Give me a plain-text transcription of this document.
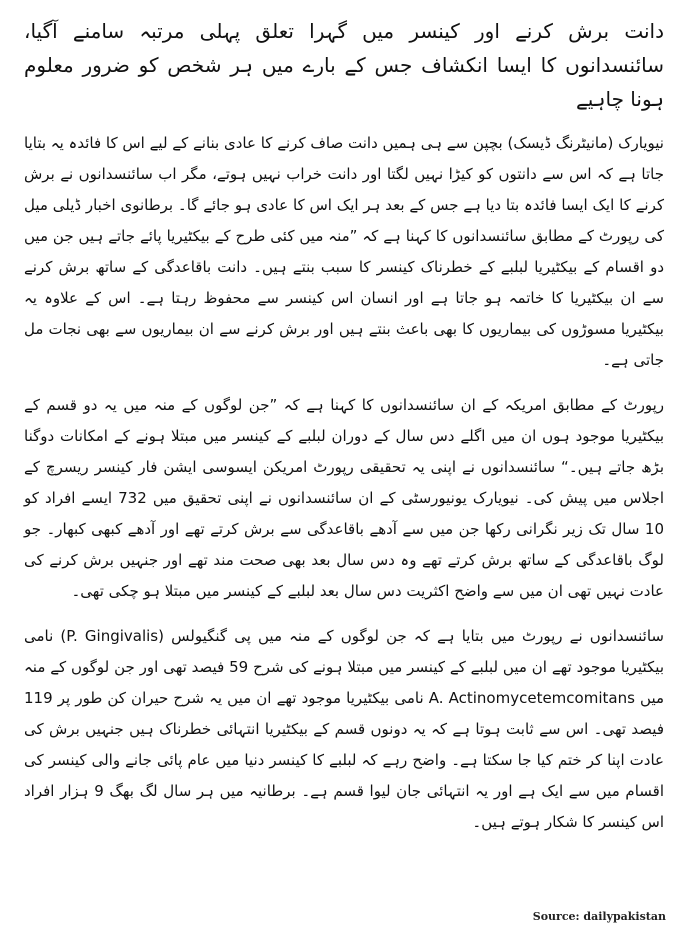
دانت برش کرنے اور کینسر میں گہرا تعلق پہلی مرتبہ سامنے آگیا، سائنسدانوں کا ایسا انکشاف جس کے بارے میں ہر شخص کو ضرور معلوم ہونا چاہیے

نیویارک (مانیٹرنگ ڈیسک) بچپن سے ہی ہمیں دانت صاف کرنے کا عادی بنانے کے لیے اس کا فائدہ یہ بتایا جاتا ہے کہ اس سے دانتوں کو کیڑا نہیں لگتا اور دانت خراب نہیں ہوتے، مگر اب سائنسدانوں نے برش کرنے کا ایک ایسا فائدہ بتا دیا ہے جس کے بعد ہر ایک اس کا عادی ہو جائے گا۔ برطانوی اخبار ڈیلی میل کی رپورٹ کے مطابق سائنسدانوں کا کہنا ہے کہ ”منہ میں کئی طرح کے بیکٹیریا پائے جاتے ہیں جن میں دو اقسام کے بیکٹیریا لبلبے کے خطرناک کینسر کا سبب بنتے ہیں۔ دانت باقاعدگی کے ساتھ برش کرنے سے ان بیکٹیریا کا خاتمہ ہو جاتا ہے اور انسان اس کینسر سے محفوظ رہتا ہے۔ اس کے علاوہ یہ بیکٹیریا مسوڑوں کی بیماریوں کا بھی باعث بنتے ہیں اور برش کرنے سے ان بیماریوں سے بھی نجات مل جاتی ہے۔

رپورٹ کے مطابق امریکہ کے ان سائنسدانوں کا کہنا ہے کہ ”جن لوگوں کے منہ میں یہ دو قسم کے بیکٹیریا موجود ہوں ان میں اگلے دس سال کے دوران لبلبے کے کینسر میں مبتلا ہونے کے امکانات دوگنا بڑھ جاتے ہیں۔“ سائنسدانوں نے اپنی یہ تحقیقی رپورٹ امریکن ایسوسی ایشن فار کینسر ریسرچ کے اجلاس میں پیش کی۔ نیویارک یونیورسٹی کے ان سائنسدانوں نے اپنی تحقیق میں 732 ایسے افراد کو 10 سال تک زیر نگرانی رکھا جن میں سے آدھے باقاعدگی سے برش کرتے تھے اور آدھے کبھی کبھار۔ جو لوگ باقاعدگی کے ساتھ برش کرتے تھے وہ دس سال بعد بھی صحت مند تھے اور جنہیں برش کرنے کی عادت نہیں تھی ان میں سے واضح اکثریت دس سال بعد لبلبے کے کینسر میں مبتلا ہو چکی تھی۔

سائنسدانوں نے رپورٹ میں بتایا ہے کہ جن لوگوں کے منہ میں پی گنگیولس (P. Gingivalis) نامی بیکٹیریا موجود تھے ان میں لبلبے کے کینسر میں مبتلا ہونے کی شرح 59 فیصد تھی اور جن لوگوں کے منہ میں A. Actinomycetemcomitans نامی بیکٹیریا موجود تھے ان میں یہ شرح حیران کن طور پر 119 فیصد تھی۔ اس سے ثابت ہوتا ہے کہ یہ دونوں قسم کے بیکٹیریا انتہائی خطرناک ہیں جنہیں برش کی عادت اپنا کر ختم کیا جا سکتا ہے۔ واضح رہے کہ لبلبے کا کینسر دنیا میں عام پائی جانے والی کینسر کی اقسام میں سے ایک ہے اور یہ انتہائی جان لیوا قسم ہے۔ برطانیہ میں ہر سال لگ بھگ 9 ہزار افراد اس کینسر کا شکار ہوتے ہیں۔

Source: dailypakistan
